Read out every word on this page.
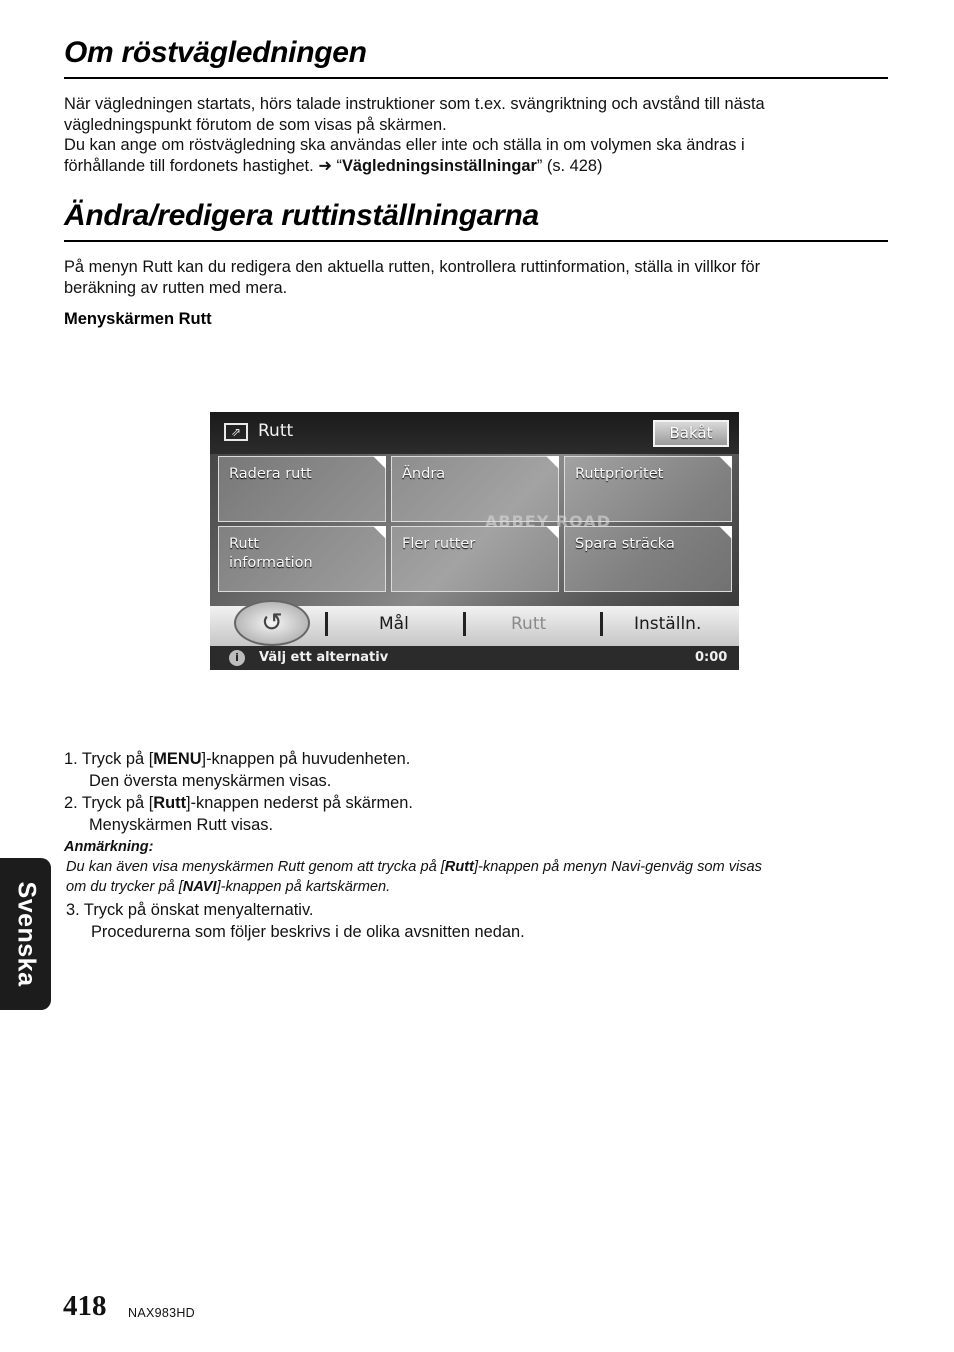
Om röstvägledningen
När vägledningen startats, hörs talade instruktioner som t.ex. svängriktning och avstånd till nästa
vägledningspunkt förutom de som visas på skärmen.
Du kan ange om röstvägledning ska användas eller inte och ställa in om volymen ska ändras i
förhållande till fordonets hastighet. ➜ “Vägledningsinställningar” (s. 428)
Ändra/redigera ruttinställningarna
På menyn Rutt kan du redigera den aktuella rutten, kontrollera ruttinformation, ställa in villkor för
beräkning av rutten med mera.
Menyskärmen Rutt
ABBEY ROAD
⇗ Rutt	Bakåt
Radera rutt	Ändra	Ruttprioritet
Rutt
information
Fler rutter	Spara sträcka
↺	Mål	Rutt	Inställn.
i	Välj ett alternativ	0:00
1. Tryck på [MENU]-knappen på huvudenheten.
Den översta menyskärmen visas.
2. Tryck på [Rutt]-knappen nederst på skärmen.
Menyskärmen Rutt visas.
Anmärkning:
Du kan även visa menyskärmen Rutt genom att trycka på [Rutt]-knappen på menyn Navi-genväg som visas
om du trycker på [NAVI]-knappen på kartskärmen.
3. Tryck på önskat menyalternativ.
Procedurerna som följer beskrivs i de olika avsnitten nedan.
Svenska
418 NAX983HD
